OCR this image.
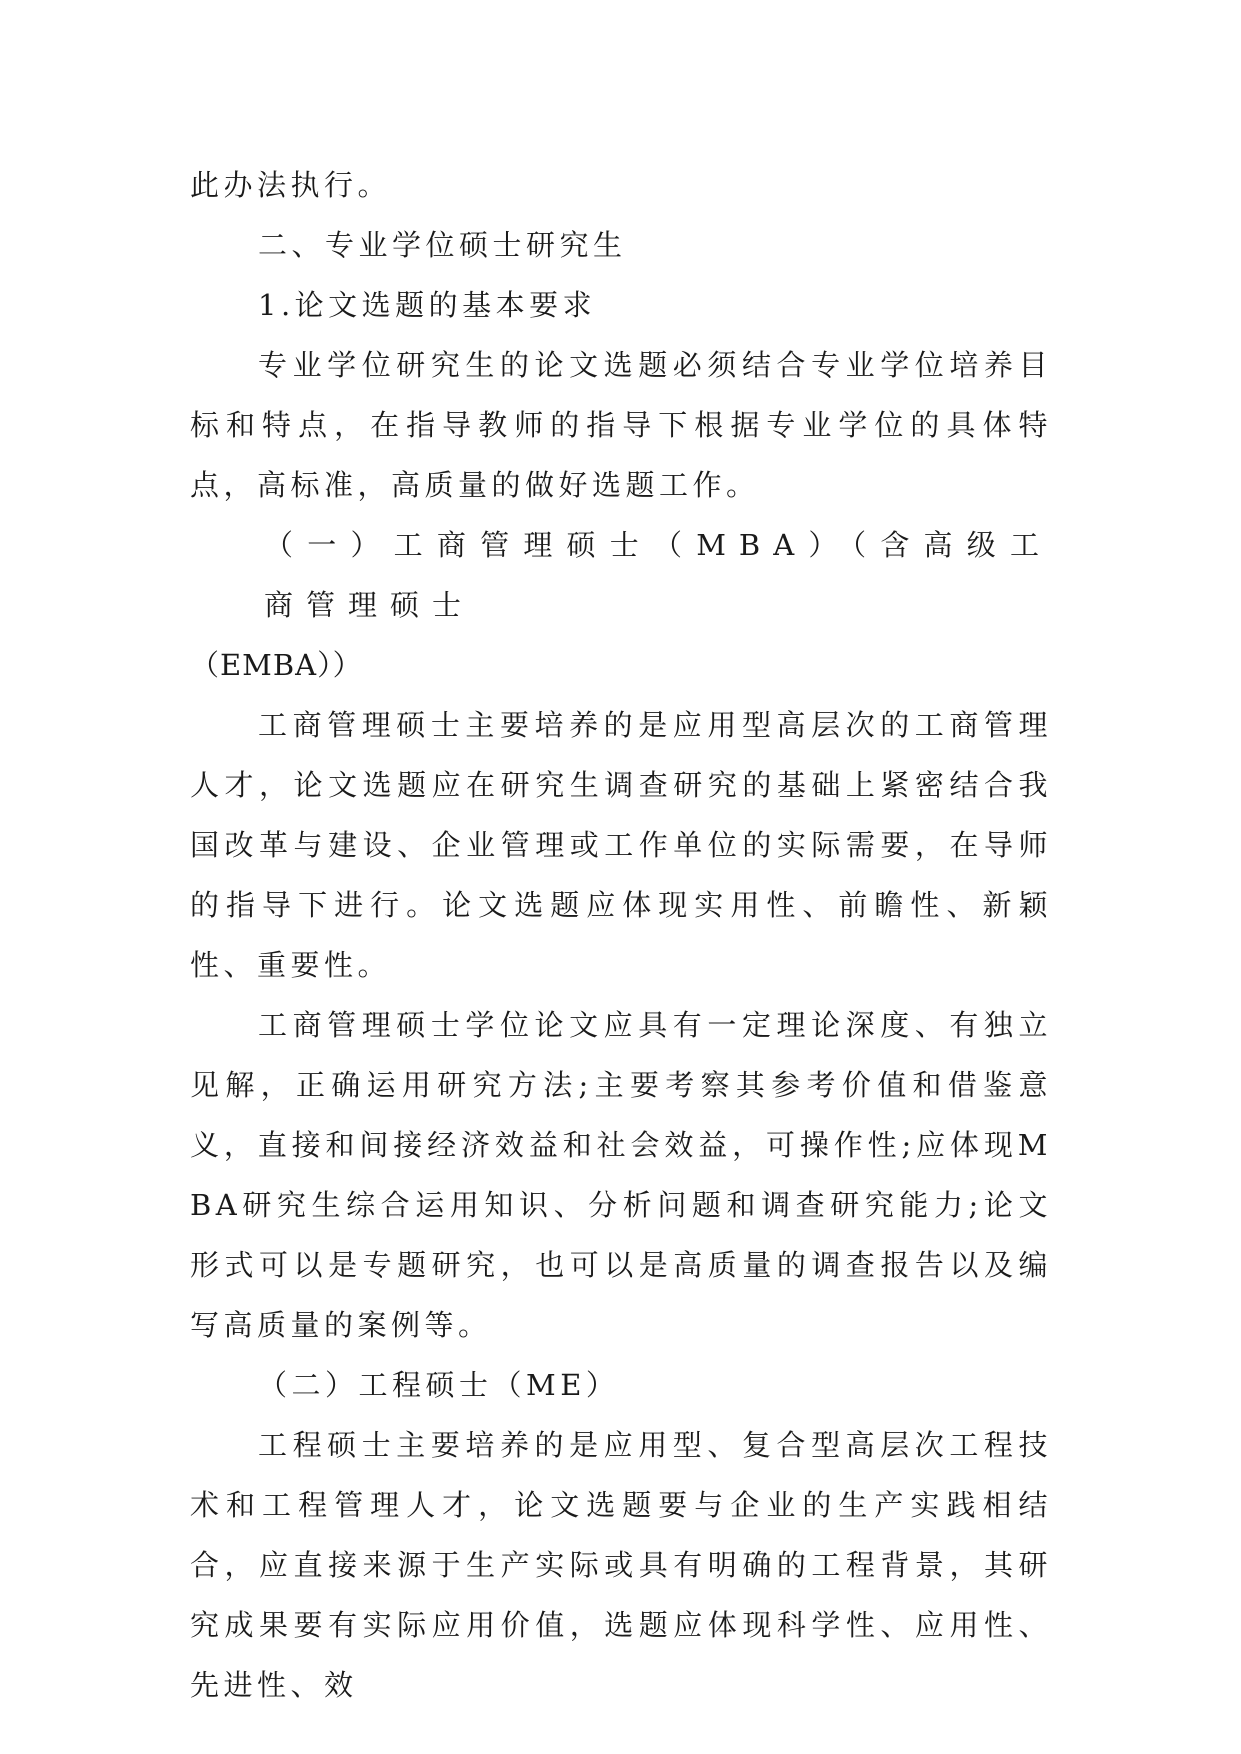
此办法执行。

二、专业学位硕士研究生

1.论文选题的基本要求

专业学位研究生的论文选题必须结合专业学位培养目标和特点，在指导教师的指导下根据专业学位的具体特点，高标准，高质量的做好选题工作。

（一）工商管理硕士（MBA）（含高级工商管理硕士
（EMBA））

工商管理硕士主要培养的是应用型高层次的工商管理人才，论文选题应在研究生调查研究的基础上紧密结合我国改革与建设、企业管理或工作单位的实际需要，在导师的指导下进行。论文选题应体现实用性、前瞻性、新颖性、重要性。

工商管理硕士学位论文应具有一定理论深度、有独立见解，正确运用研究方法;主要考察其参考价值和借鉴意义，直接和间接经济效益和社会效益，可操作性;应体现MBA研究生综合运用知识、分析问题和调查研究能力;论文形式可以是专题研究，也可以是高质量的调查报告以及编写高质量的案例等。

（二）工程硕士（ME）

工程硕士主要培养的是应用型、复合型高层次工程技术和工程管理人才，论文选题要与企业的生产实践相结合，应直接来源于生产实际或具有明确的工程背景，其研究成果要有实际应用价值，选题应体现科学性、应用性、先进性、效
